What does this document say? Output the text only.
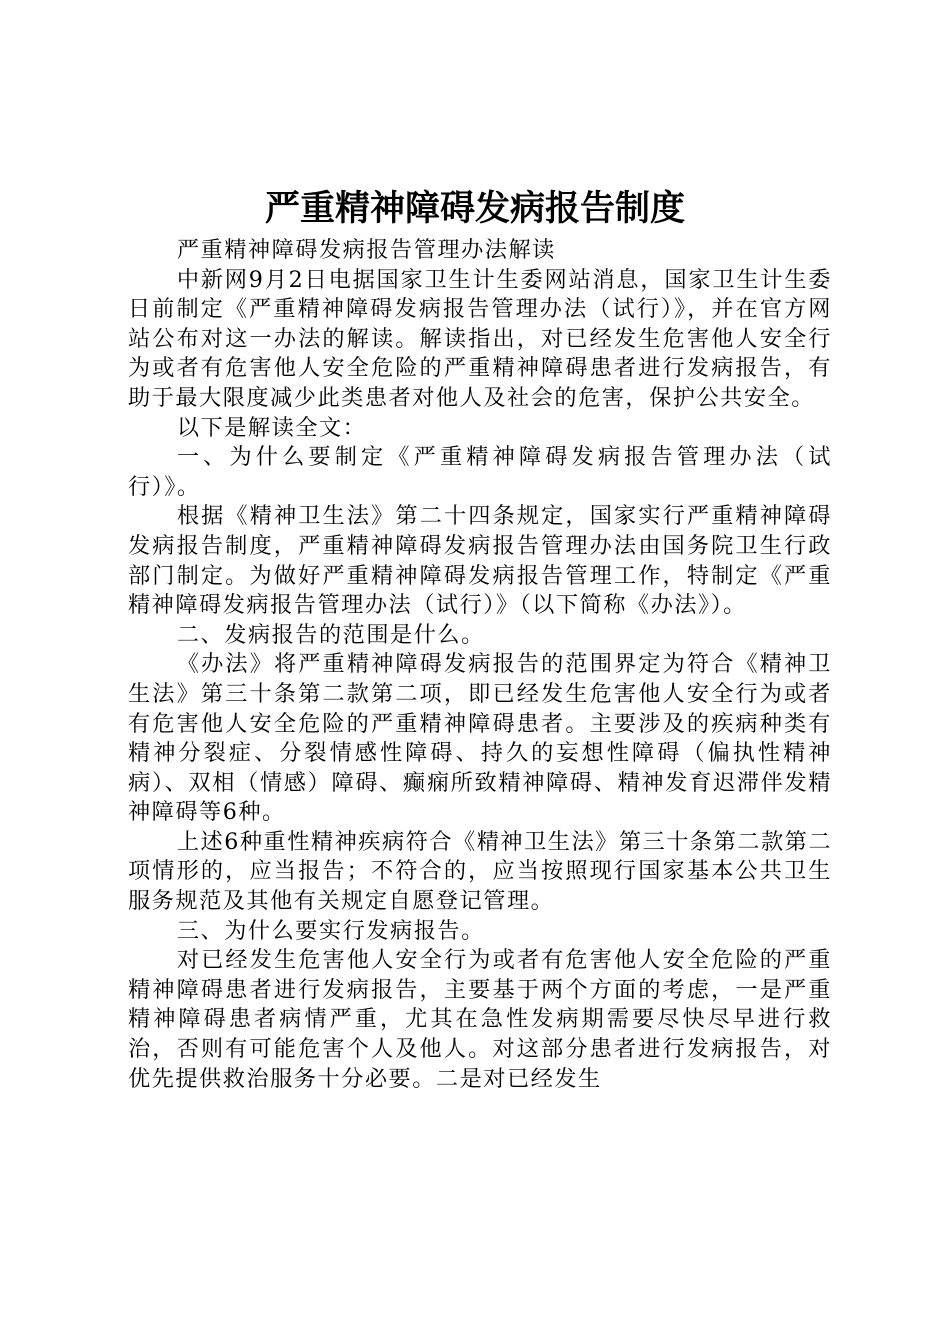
严重精神障碍发病报告制度

严重精神障碍发病报告管理办法解读

中新网9月2日电据国家卫生计生委网站消息，国家卫生计生委日前制定《严重精神障碍发病报告管理办法（试行）》，并在官方网站公布对这一办法的解读。解读指出，对已经发生危害他人安全行为或者有危害他人安全危险的严重精神障碍患者进行发病报告，有助于最大限度减少此类患者对他人及社会的危害，保护公共安全。

以下是解读全文：

一、为什么要制定《严重精神障碍发病报告管理办法（试行）》。

根据《精神卫生法》第二十四条规定，国家实行严重精神障碍发病报告制度，严重精神障碍发病报告管理办法由国务院卫生行政部门制定。为做好严重精神障碍发病报告管理工作，特制定《严重精神障碍发病报告管理办法（试行）》（以下简称《办法》）。

二、发病报告的范围是什么。

《办法》将严重精神障碍发病报告的范围界定为符合《精神卫生法》第三十条第二款第二项，即已经发生危害他人安全行为或者有危害他人安全危险的严重精神障碍患者。主要涉及的疾病种类有精神分裂症、分裂情感性障碍、持久的妄想性障碍（偏执性精神病）、双相（情感）障碍、癫痫所致精神障碍、精神发育迟滞伴发精神障碍等6种。

上述6种重性精神疾病符合《精神卫生法》第三十条第二款第二项情形的，应当报告；不符合的，应当按照现行国家基本公共卫生服务规范及其他有关规定自愿登记管理。

三、为什么要实行发病报告。

对已经发生危害他人安全行为或者有危害他人安全危险的严重精神障碍患者进行发病报告，主要基于两个方面的考虑，一是严重精神障碍患者病情严重，尤其在急性发病期需要尽快尽早进行救治，否则有可能危害个人及他人。对这部分患者进行发病报告，对优先提供救治服务十分必要。二是对已经发生
